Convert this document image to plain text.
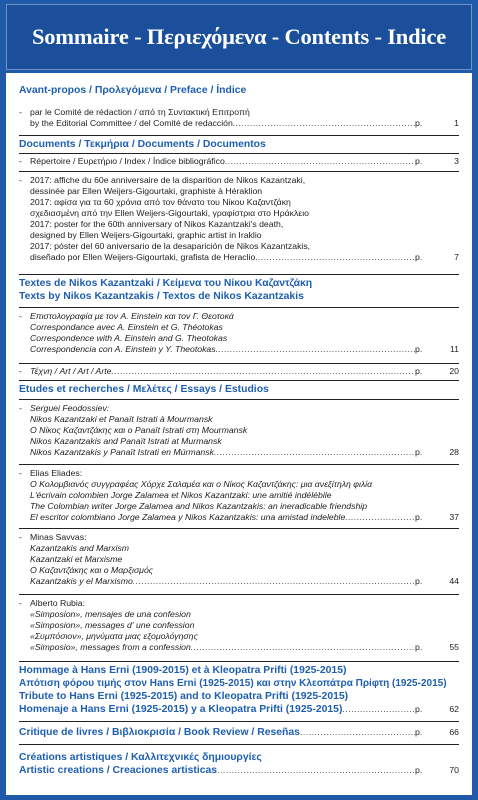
Sommaire - Περιεχόμενα - Contents - Indice
Avant-propos / Προλεγόμενα / Preface / Índice
- par le Comité de rédaction / από τη Συντακτική Επιτροπή
by the Editorial Committee / del Comité de redacción. .....	p.	1
Documents / Τεκμήρια / Documents / Documentos
- Répertoire / Ευρετήριο / Index / Índice bibliográfico .....	p.	3
- 2017: affiche du 60e anniversaire de la disparition de Nikos Kazantzaki,
dessinée par Ellen Weijers-Gigourtaki, graphiste à Héraklion
2017: αφίσα για τα 60 χρόνια από τον θάνατο του Νίκου Καζαντζάκη
σχεδιασμένη από την Ellen Weijers-Gigourtaki, γραφίστρια στο Ηράκλειο
2017: poster for the 60th anniversary of Nikos Kazantzaki's death,
designed by Ellen Weijers-Gigourtaki, graphic artist in Iraklio
2017: póster del 60 aniversario de la desaparición de Nikos Kazantzakis,
diseñado por Ellen Weijers-Gigourtaki, grafista de Heraclio. .....	p.	7
Textes de Nikos Kazantzaki / Κείμενα του Νίκου Καζαντζάκη
Texts by Nikos Kazantzakis / Textos de Nikos Kazantzakis
- Επιστολογραφία με τον A. Einstein και τον Γ. Θεοτοκά
Correspondance avec A. Einstein et G. Théotokas
Correspondence with A. Einstein and G. Theotokas
Correspondencia con A. Einstein y Y. Theotokas .....	p.	11
- Τέχνη / Art / Art / Arte .....	p.	20
Etudes et recherches / Μελέτες / Essays / Estudios
- Serguei Feodossiev:
Nikos Kazantzaki et Panaït Istrati à Mourmansk
Ο Νίκος Καζαντζάκης και ο Panaït Istrati στη Mourmansk
Nikos Kazantzakis and Panaït Istrati at Murmansk
Nikos Kazantzakis y Panaït Istrati en Múrmansk .....	p.	28
- Elias Eliades:
Ο Κολομβιανός συγγραφέας Χόρχε Σαλαμέα και ο Νίκος Καζαντζάκης: μια ανεξίτηλη φιλία
L'écrivain colombien Jorge Zalamea et Nikos Kazantzaki: une amitié indélébile
The Colombian writer Jorge Zalamea and Nikos Kazantzakis: an ineradicable friendship
El escritor colombiano Jorge Zalamea y Nikos Kazantzakis: una amistad indeleble .....	p.	37
- Minas Savvas:
Kazantzakis and Marxism
Kazantzaki et Marxisme
Ο Καζαντζάκης και ο Μαρξισμός
Kazantzakis y el Marxismo .....	p.	44
- Alberto Rubia:
«Simposion», mensajes de una confesion
«Simposion», messages d' une confession
«Συμπόσιον», μηνύματα μιας εξομολόγησης
«Simposio», messages from a confession .....	p.	55
Hommage à Hans Erni (1909-2015) et à Kleopatra Prifti (1925-2015)
Απότιση φόρου τιμής στον Hans Erni (1925-2015) και στην Κλεοπάτρα Πρίφτη (1925-2015)
Tribute to Hans Erni (1925-2015) and to Kleopatra Prifti (1925-2015)
Homenaje a Hans Erni (1925-2015) y a Kleopatra Prifti (1925-2015) .....	p.	62
Critique de livres / Βιβλιοκρισία / Book Review / Reseñas .....	p.	66
Créations artistiques / Καλλιτεχνικές δημιουργίες
Artistic creations / Creaciones artisticas .....	p.	70
